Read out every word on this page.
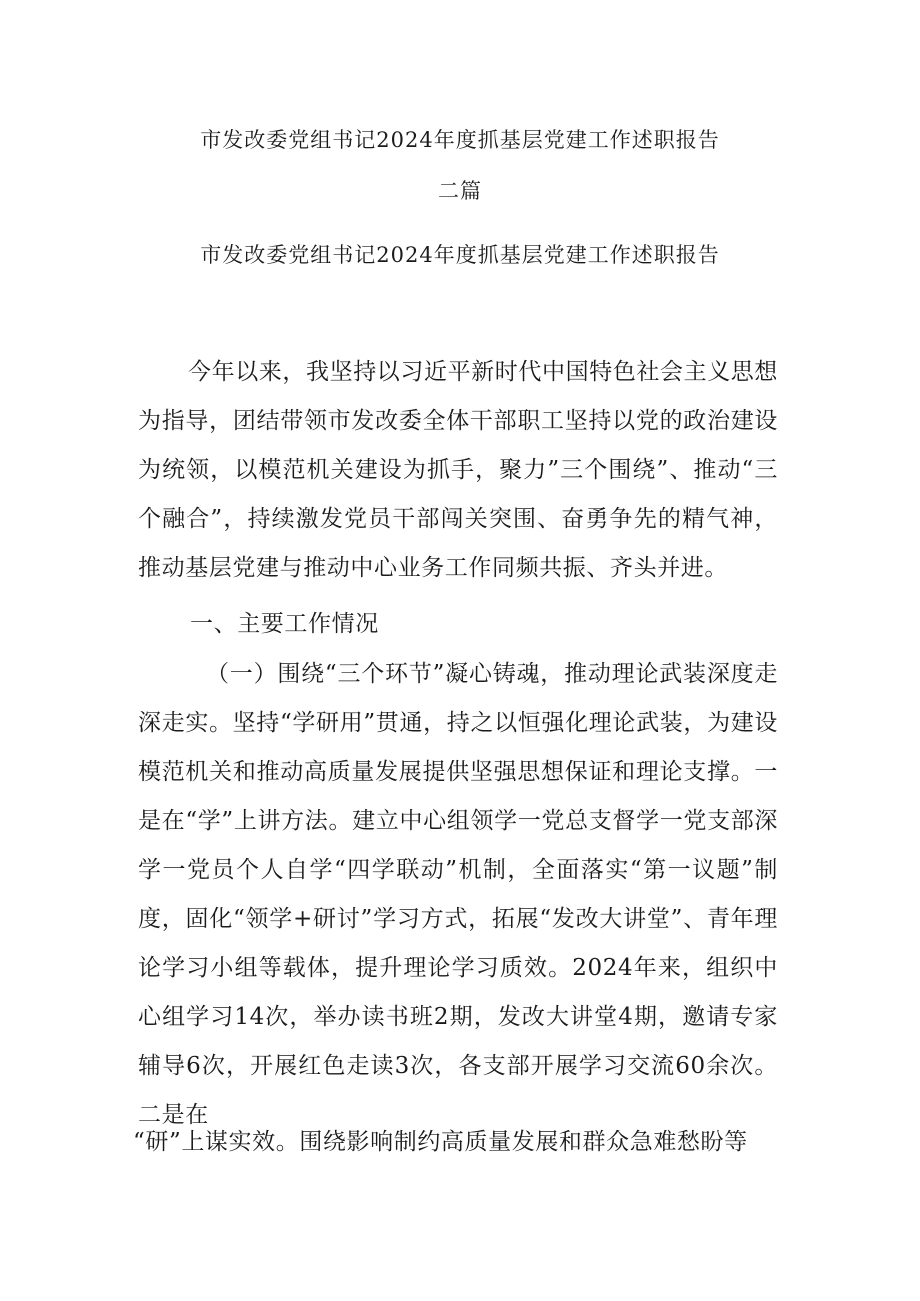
市发改委党组书记2024年度抓基层党建工作述职报告
二篇
市发改委党组书记2024年度抓基层党建工作述职报告

今年以来，我坚持以习近平新时代中国特色社会主义思想为指导，团结带领市发改委全体干部职工坚持以党的政治建设为统领，以模范机关建设为抓手，聚力”三个围绕”、推动“三个融合”，持续激发党员干部闯关突围、奋勇争先的精气神，推动基层党建与推动中心业务工作同频共振、齐头并进。

一、主要工作情况

（一）围绕“三个环节”凝心铸魂，推动理论武装深度走深走实。坚持“学研用”贯通，持之以恒强化理论武装，为建设模范机关和推动高质量发展提供坚强思想保证和理论支撑。一是在“学”上讲方法。建立中心组领学一党总支督学一党支部深学一党员个人自学“四学联动”机制，全面落实“第一议题”制度，固化“领学+研讨”学习方式，拓展“发改大讲堂”、青年理论学习小组等载体，提升理论学习质效。2024年来，组织中心组学习14次，举办读书班2期，发改大讲堂4期，邀请专家辅导6次，开展红色走读3次，各支部开展学习交流60余次。二是在

“研”上谋实效。围绕影响制约高质量发展和群众急难愁盼等
